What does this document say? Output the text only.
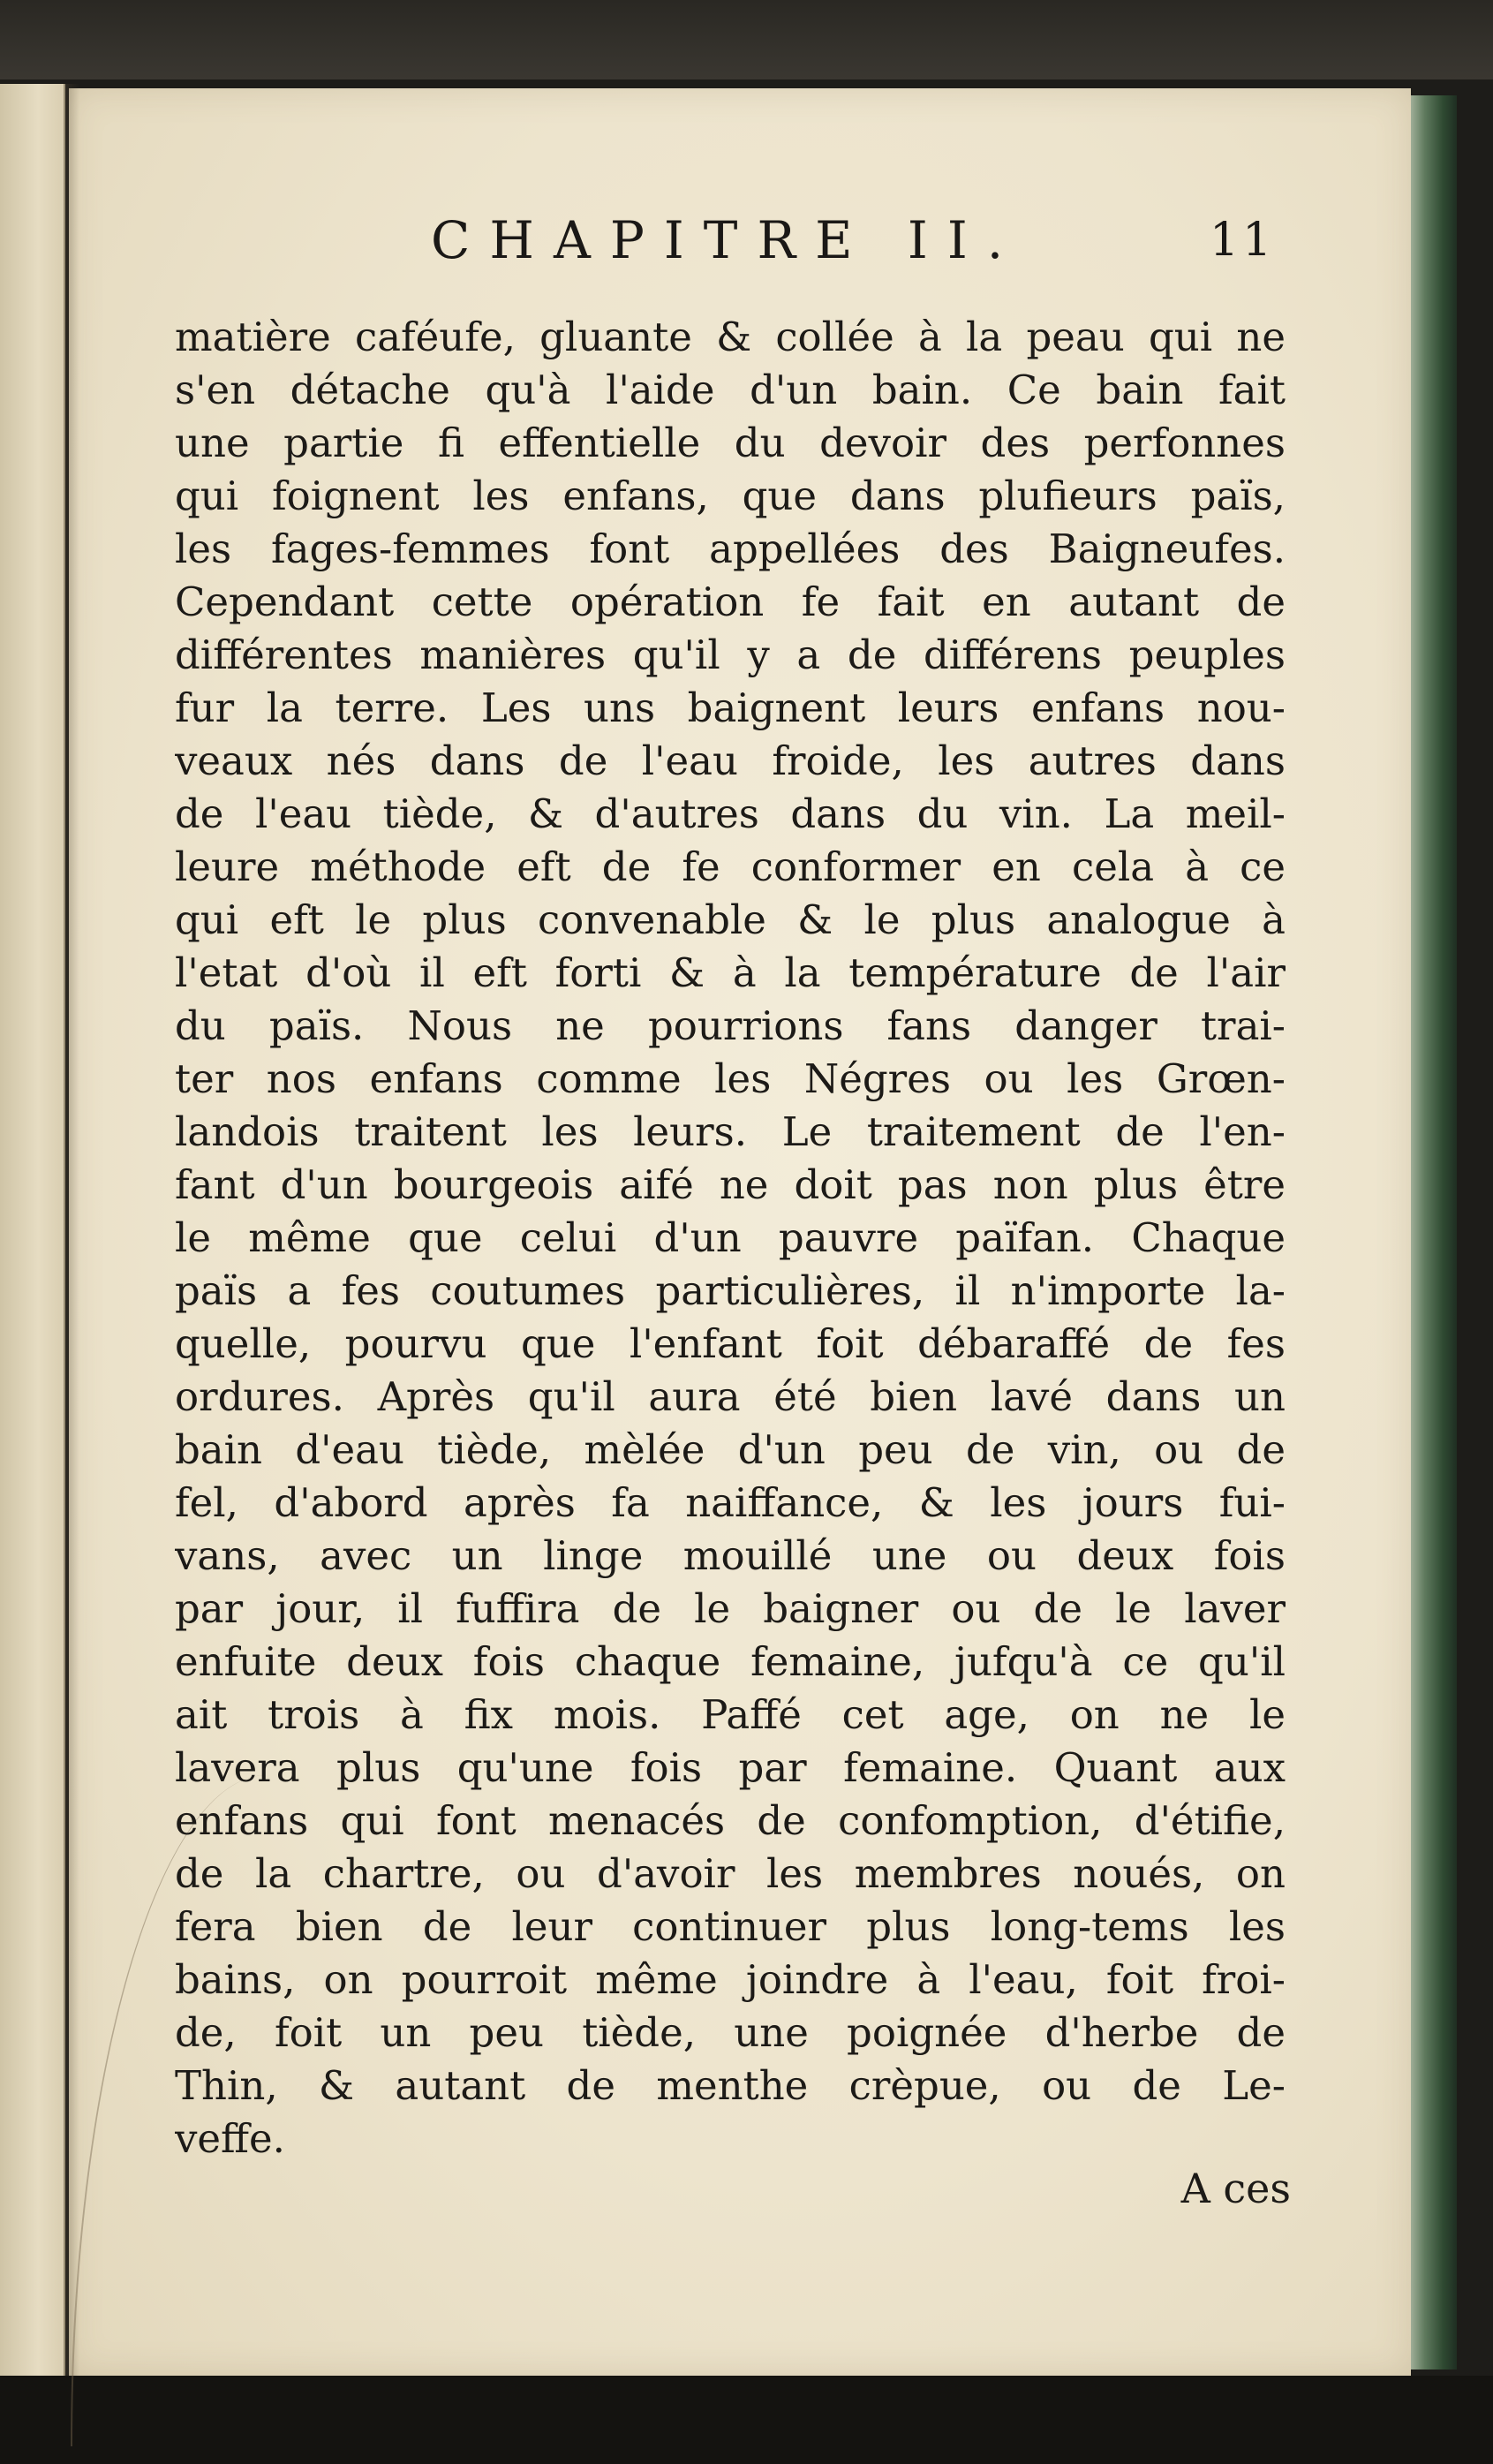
CHAPITRE II.	11
matière caféufe, gluante & collée à la peau qui ne
s'en détache qu'à l'aide d'un bain. Ce bain fait
une partie fi effentielle du devoir des perfonnes
qui foignent les enfans, que dans plufieurs païs,
les fages-femmes font appellées des Baigneufes.
Cependant cette opération fe fait en autant de
différentes manières qu'il y a de différens peuples
fur la terre. Les uns baignent leurs enfans nou-
veaux nés dans de l'eau froide, les autres dans
de l'eau tiède, & d'autres dans du vin. La meil-
leure méthode eft de fe conformer en cela à ce
qui eft le plus convenable & le plus analogue à
l'etat d'où il eft forti & à la température de l'air
du païs. Nous ne pourrions fans danger trai-
ter nos enfans comme les Négres ou les Grœn-
landois traitent les leurs. Le traitement de l'en-
fant d'un bourgeois aifé ne doit pas non plus être
le même que celui d'un pauvre païfan. Chaque
païs a fes coutumes particulières, il n'importe la-
quelle, pourvu que l'enfant foit débaraffé de fes
ordures. Après qu'il aura été bien lavé dans un
bain d'eau tiède, mèlée d'un peu de vin, ou de
fel, d'abord après fa naiffance, & les jours fui-
vans, avec un linge mouillé une ou deux fois
par jour, il fuffira de le baigner ou de le laver
enfuite deux fois chaque femaine, jufqu'à ce qu'il
ait trois à fix mois. Paffé cet age, on ne le
lavera plus qu'une fois par femaine. Quant aux
enfans qui font menacés de confomption, d'étifie,
de la chartre, ou d'avoir les membres noués, on
fera bien de leur continuer plus long-tems les
bains, on pourroit même joindre à l'eau, foit froi-
de, foit un peu tiède, une poignée d'herbe de
Thin, & autant de menthe crèpue, ou de Le-
veffe.
A ces
